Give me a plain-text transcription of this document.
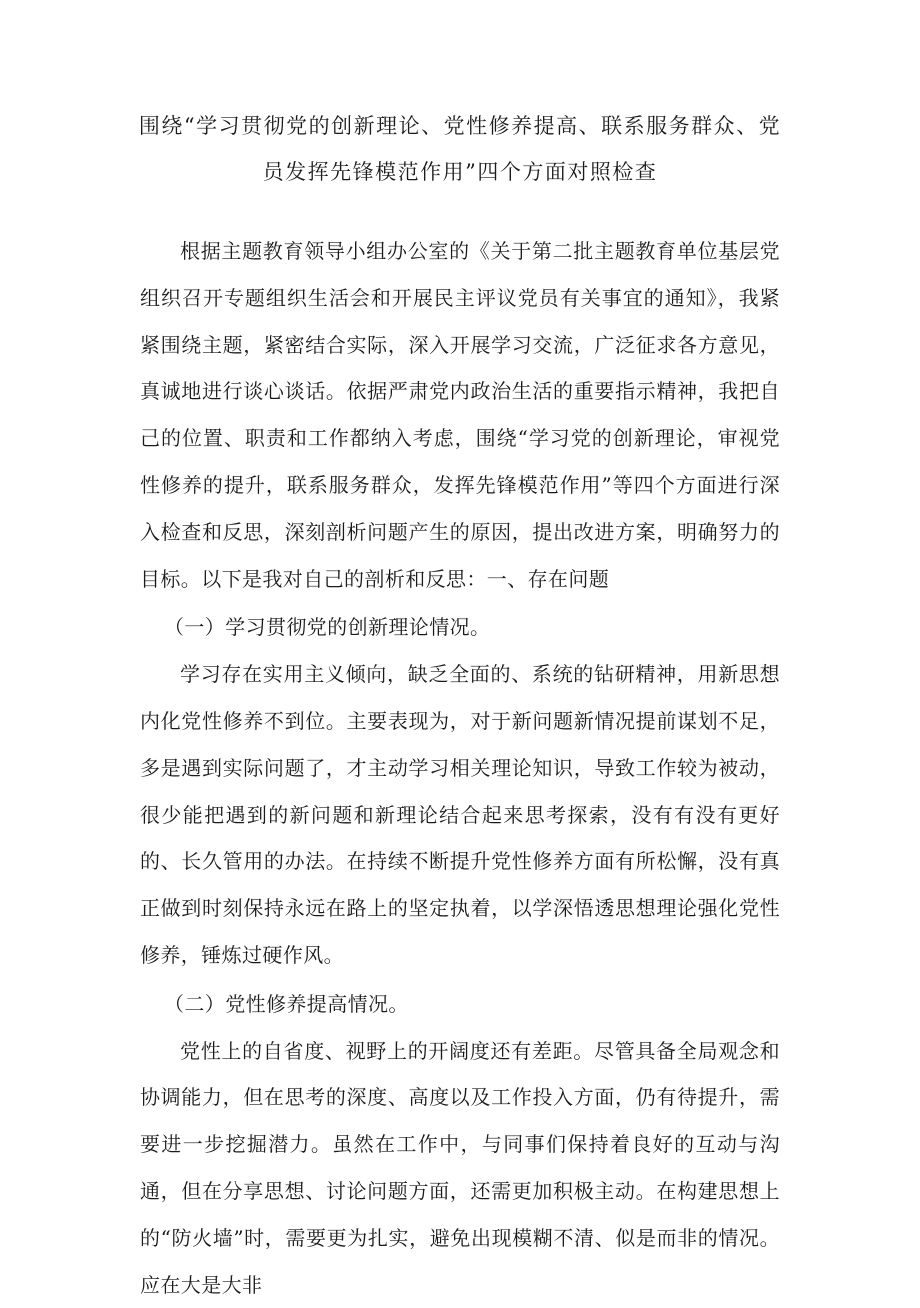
围绕“学习贯彻党的创新理论、党性修养提高、联系服务群众、党员发挥先锋模范作用”四个方面对照检查

根据主题教育领导小组办公室的《关于第二批主题教育单位基层党组织召开专题组织生活会和开展民主评议党员有关事宜的通知》，我紧紧围绕主题，紧密结合实际，深入开展学习交流，广泛征求各方意见，真诚地进行谈心谈话。依据严肃党内政治生活的重要指示精神，我把自己的位置、职责和工作都纳入考虑，围绕“学习党的创新理论，审视党性修养的提升，联系服务群众，发挥先锋模范作用”等四个方面进行深入检查和反思，深刻剖析问题产生的原因，提出改进方案，明确努力的目标。以下是我对自己的剖析和反思：一、存在问题

（一）学习贯彻党的创新理论情况。

学习存在实用主义倾向，缺乏全面的、系统的钻研精神，用新思想内化党性修养不到位。主要表现为，对于新问题新情况提前谋划不足，多是遇到实际问题了，才主动学习相关理论知识，导致工作较为被动，很少能把遇到的新问题和新理论结合起来思考探索，没有有没有更好的、长久管用的办法。在持续不断提升党性修养方面有所松懈，没有真正做到时刻保持永远在路上的坚定执着，以学深悟透思想理论强化党性修养，锤炼过硬作风。

（二）党性修养提高情况。

党性上的自省度、视野上的开阔度还有差距。尽管具备全局观念和协调能力，但在思考的深度、高度以及工作投入方面，仍有待提升，需要进一步挖掘潜力。虽然在工作中，与同事们保持着良好的互动与沟通，但在分享思想、讨论问题方面，还需更加积极主动。在构建思想上的“防火墙”时，需要更为扎实，避免出现模糊不清、似是而非的情况。应在大是大非
